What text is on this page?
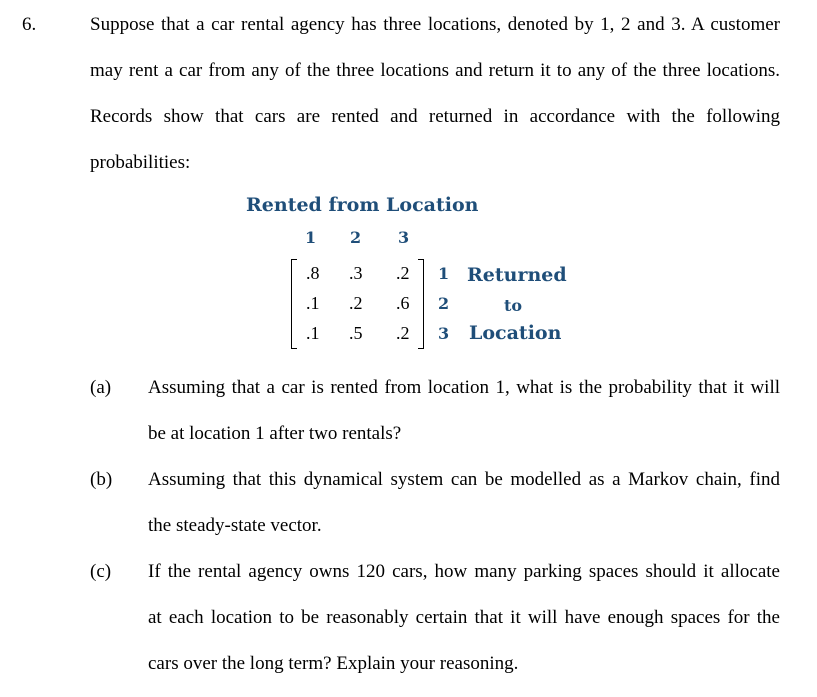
6.	Suppose that a car rental agency has three locations, denoted by 1, 2 and 3. A customer
may rent a car from any of the three locations and return it to any of the three locations.
Records show that cars are rented and returned in accordance with the following
probabilities:
Rented from Location
1 2 3
.8 .3 .2
.1 .2 .6
.1 .5 .2
1
2
3
Returned
to
Location
(a) Assuming that a car is rented from location 1, what is the probability that it will
be at location 1 after two rentals?
(b) Assuming that this dynamical system can be modelled as a Markov chain, find
the steady-state vector.
(c) If the rental agency owns 120 cars, how many parking spaces should it allocate
at each location to be reasonably certain that it will have enough spaces for the
cars over the long term? Explain your reasoning.
